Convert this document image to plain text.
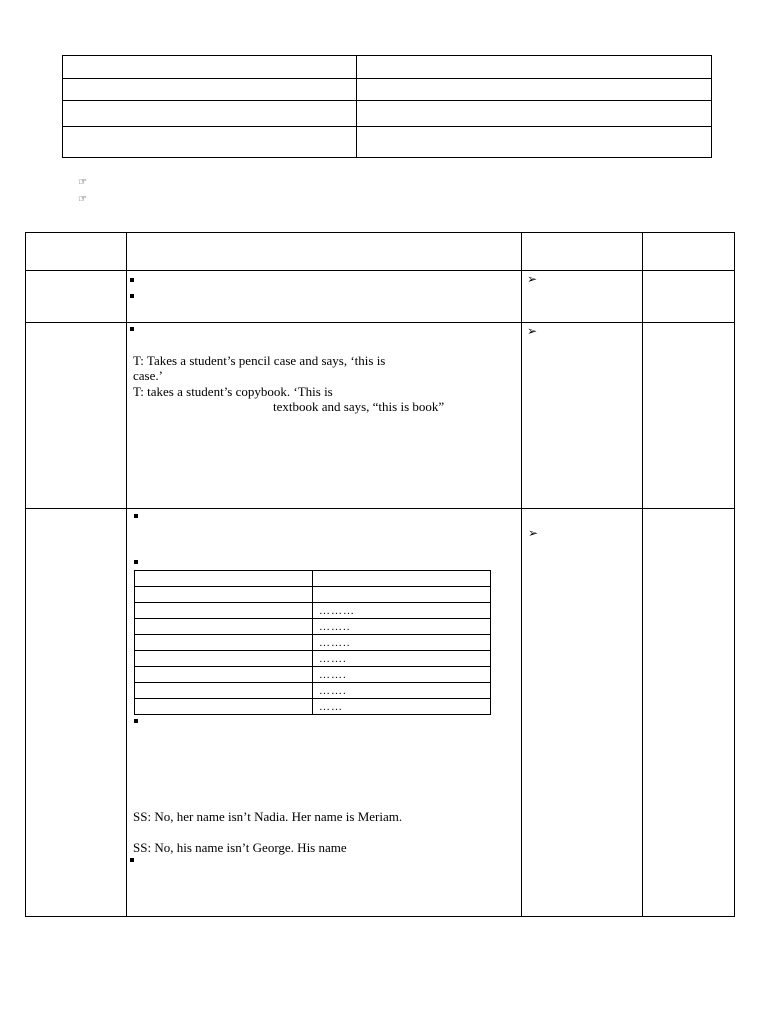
☞
☞
➢
➢
T: Takes a student’s pencil case and says, ‘this is
case.’
T: takes a student’s copybook. ‘This is
textbook and says, “this is book”
➢
………
……..
……..
…….
…….
…….
……
SS: No, her name isn’t Nadia. Her name is Meriam.
SS: No, his name isn’t George. His name
